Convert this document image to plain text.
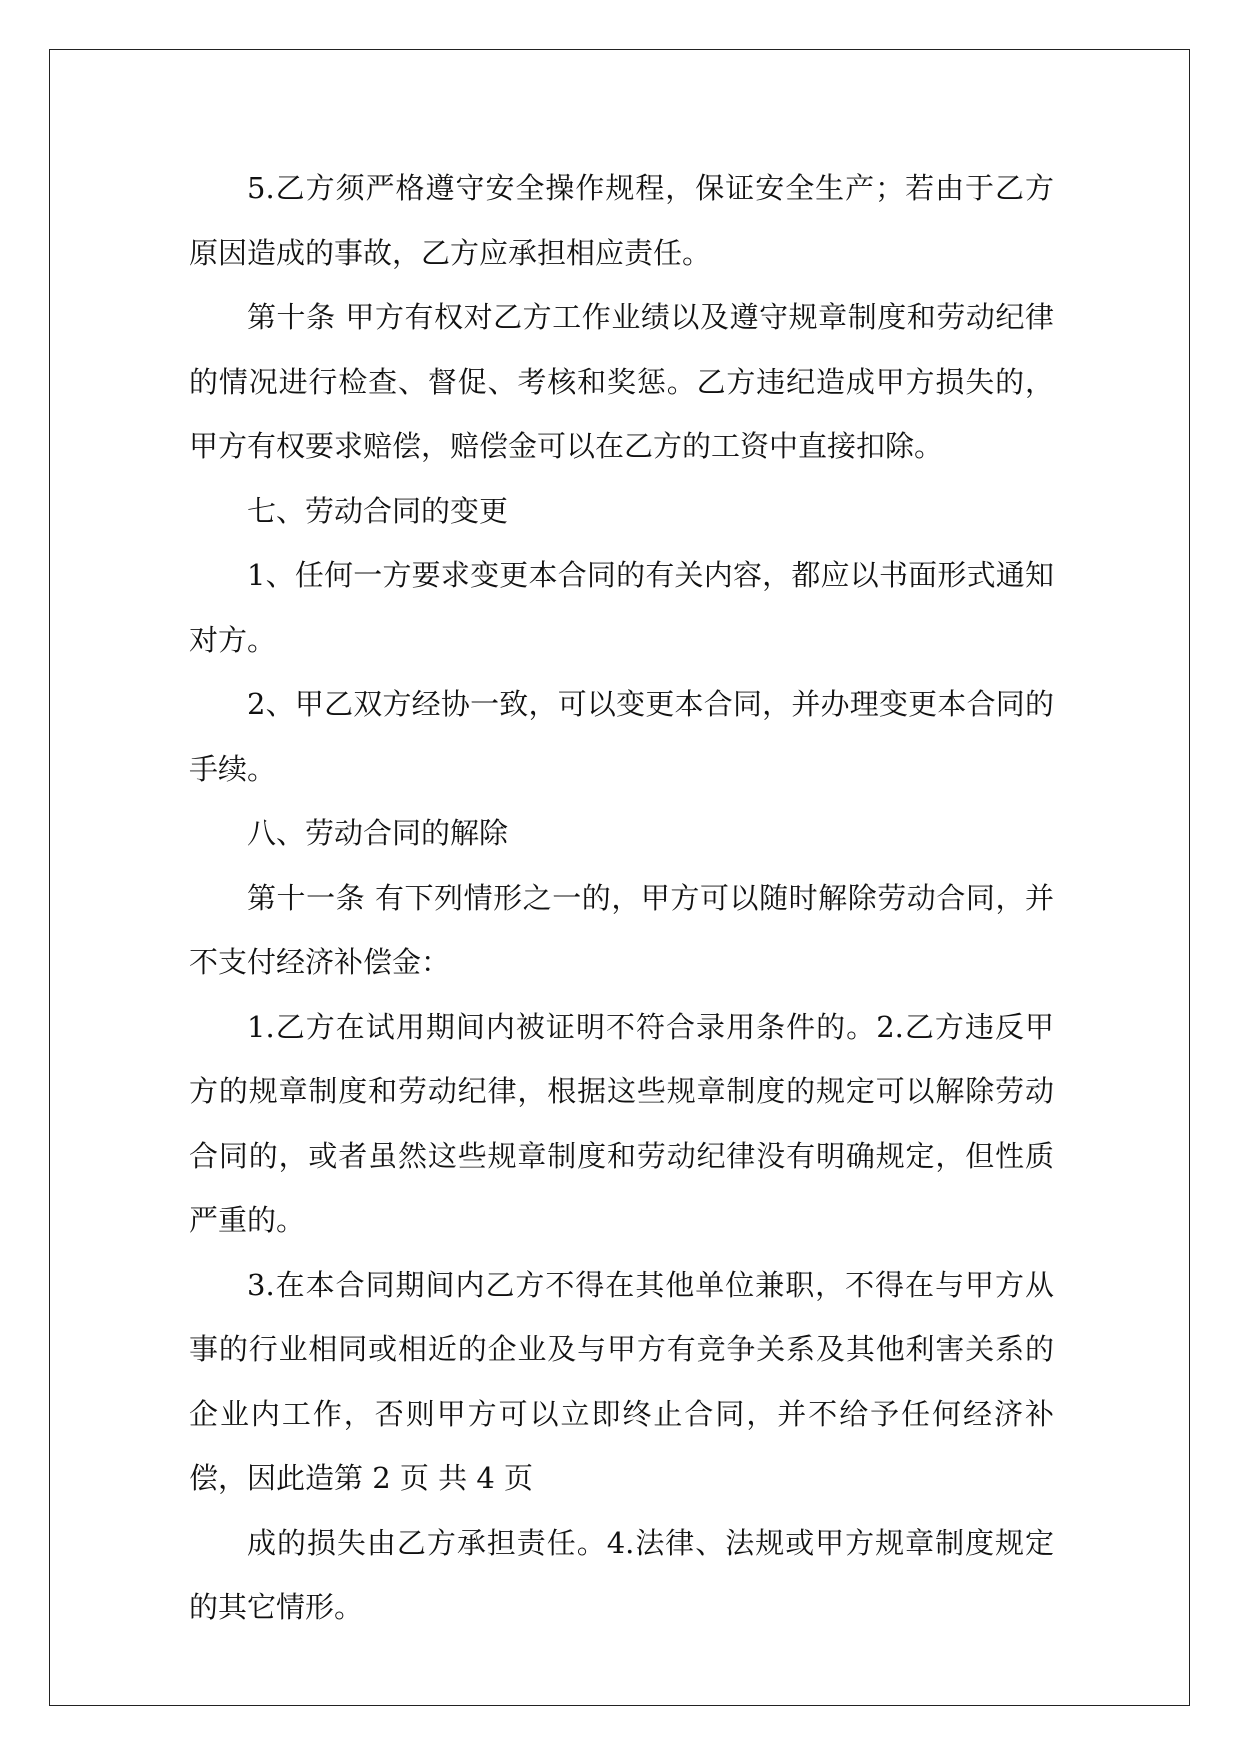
5.乙方须严格遵守安全操作规程，保证安全生产；若由于乙方原因造成的事故，乙方应承担相应责任。

第十条 甲方有权对乙方工作业绩以及遵守规章制度和劳动纪律的情况进行检查、督促、考核和奖惩。乙方违纪造成甲方损失的，甲方有权要求赔偿，赔偿金可以在乙方的工资中直接扣除。

七、劳动合同的变更

1、任何一方要求变更本合同的有关内容，都应以书面形式通知对方。

2、甲乙双方经协一致，可以变更本合同，并办理变更本合同的手续。

八、劳动合同的解除

第十一条 有下列情形之一的，甲方可以随时解除劳动合同，并不支付经济补偿金：

1.乙方在试用期间内被证明不符合录用条件的。2.乙方违反甲方的规章制度和劳动纪律，根据这些规章制度的规定可以解除劳动合同的，或者虽然这些规章制度和劳动纪律没有明确规定，但性质严重的。

3.在本合同期间内乙方不得在其他单位兼职，不得在与甲方从事的行业相同或相近的企业及与甲方有竞争关系及其他利害关系的企业内工作，否则甲方可以立即终止合同，并不给予任何经济补偿，因此造第 2 页 共 4 页

成的损失由乙方承担责任。4.法律、法规或甲方规章制度规定的其它情形。
